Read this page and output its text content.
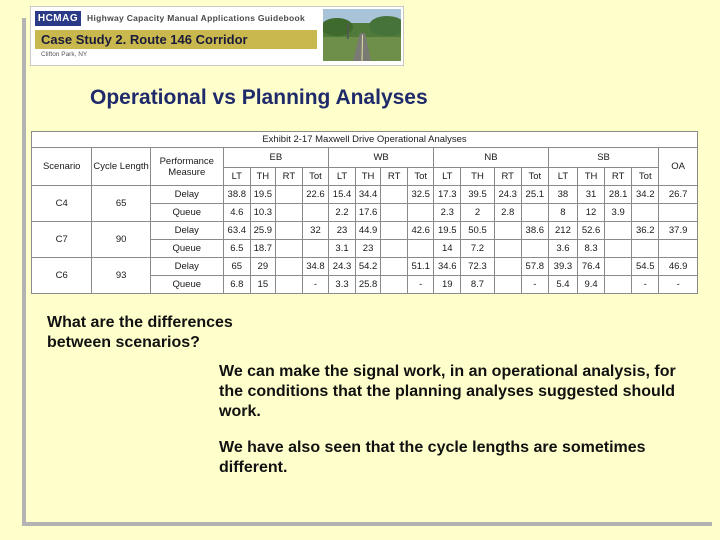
HCMAG	Highway Capacity Manual Applications Guidebook
Case Study 2. Route 146 Corridor
Clifton Park, NY
Operational vs Planning Analyses
Exhibit 2-17 Maxwell Drive Operational Analyses																			
Scenario	Cycle Length	Performance Measure	EB				WB				NB				SB				OA
			LT	TH	RT	Tot	LT	TH	RT	Tot	LT	TH	RT	Tot	LT	TH	RT	Tot	
C4	65	Delay	38.8	19.5		22.6	15.4	34.4		32.5	17.3	39.5	24.3	25.1	38	31	28.1	34.2	26.7
		Queue	4.6	10.3			2.2	17.6			2.3	2	2.8		8	12	3.9		
C7	90	Delay	63.4	25.9		32	23	44.9		42.6	19.5	50.5		38.6	212	52.6		36.2	37.9
		Queue	6.5	18.7			3.1	23			14	7.2			3.6	8.3			
C6	93	Delay	65	29		34.8	24.3	54.2		51.1	34.6	72.3		57.8	39.3	76.4		54.5	46.9
		Queue	6.8	15		-	3.3	25.8		-	19	8.7		-	5.4	9.4		-	-
What are the differences between scenarios?
We can make the signal work, in an operational analysis, for the conditions that the planning analyses suggested should work.
We have also seen that the cycle lengths are sometimes different.
